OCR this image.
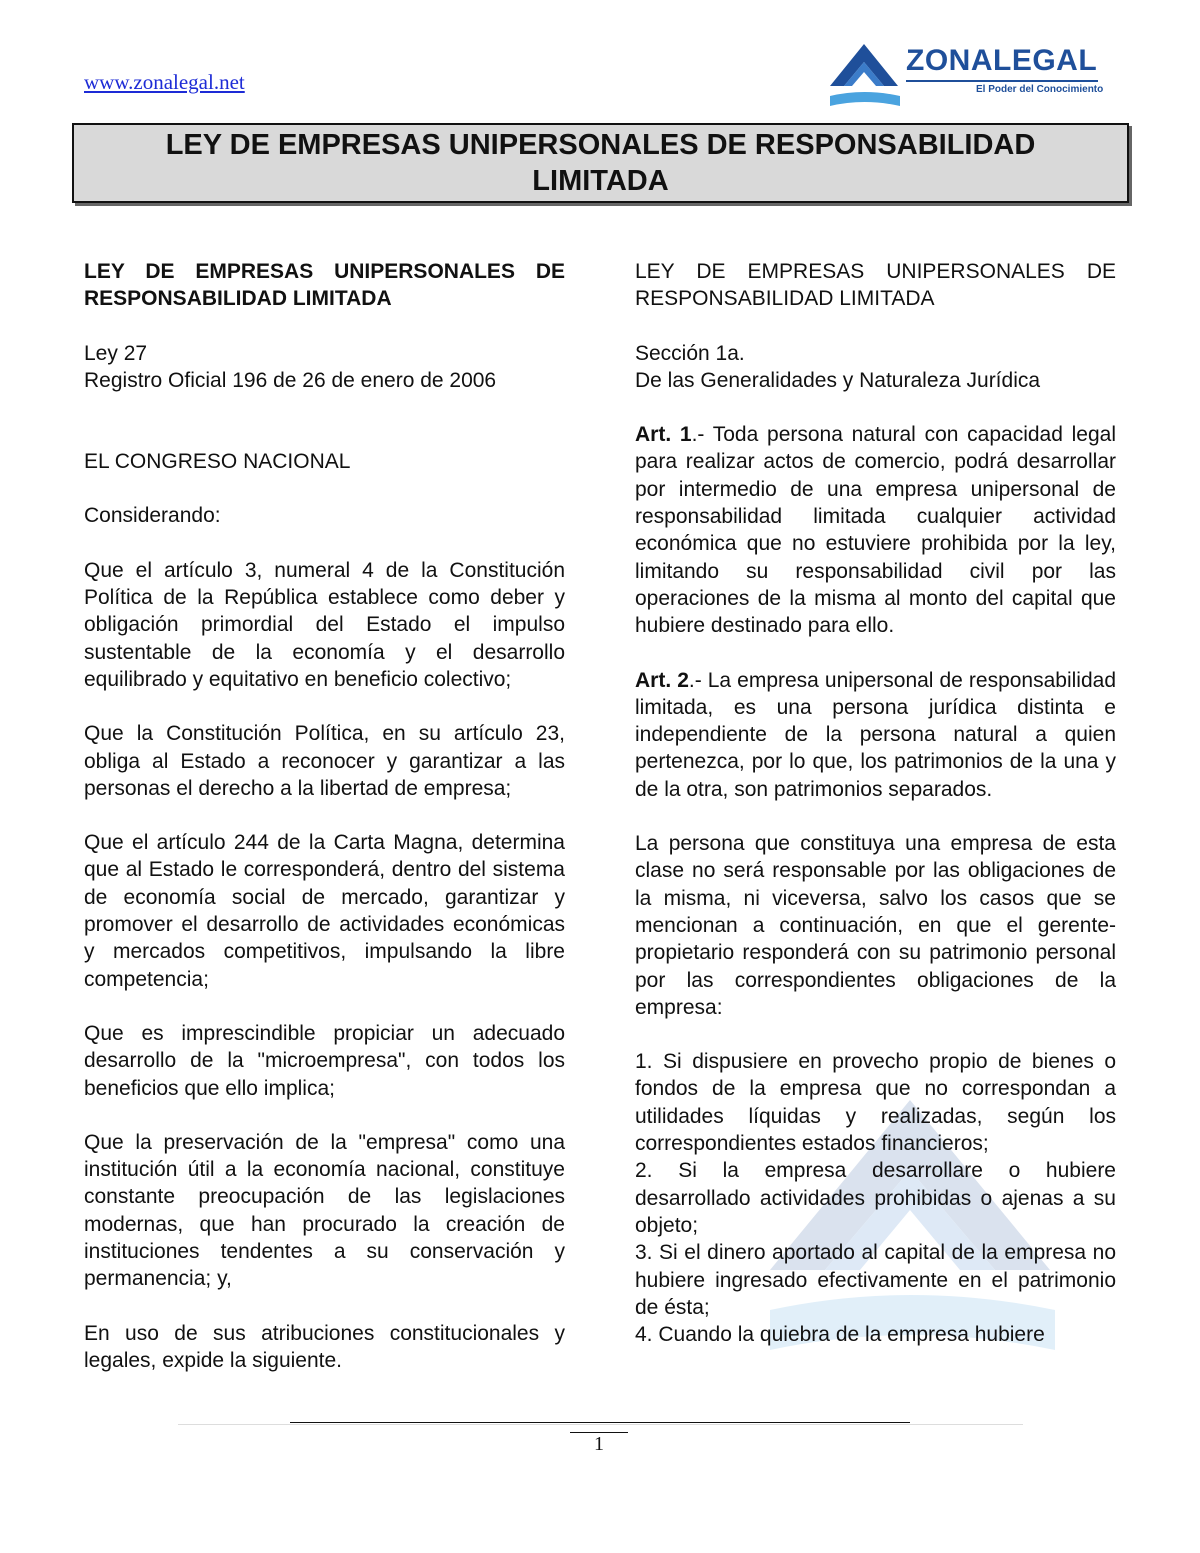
www.zonalegal.net
ZONALEGAL
El Poder del Conocimiento
LEY DE EMPRESAS UNIPERSONALES DE RESPONSABILIDAD LIMITADA

LEY DE EMPRESAS UNIPERSONALES DE RESPONSABILIDAD LIMITADA

Ley 27

Registro Oficial 196 de 26 de enero de 2006

EL CONGRESO NACIONAL

Considerando:

Que el artículo 3, numeral 4 de la Constitución Política de la República establece como deber y obligación primordial del Estado el impulso sustentable de la economía y el desarrollo equilibrado y equitativo en beneficio colectivo;

Que la Constitución Política, en su artículo 23, obliga al Estado a reconocer y garantizar a las personas el derecho a la libertad de empresa;

Que el artículo 244 de la Carta Magna, determina que al Estado le corresponderá, dentro del sistema de economía social de mercado, garantizar y promover el desarrollo de actividades económicas y mercados competitivos, impulsando la libre competencia;

Que es imprescindible propiciar un adecuado desarrollo de la "microempresa", con todos los beneficios que ello implica;

Que la preservación de la "empresa" como una institución útil a la economía nacional, constituye constante preocupación de las legislaciones modernas, que han procurado la creación de instituciones tendentes a su conservación y permanencia; y,

En uso de sus atribuciones constitucionales y legales, expide la siguiente.

LEY DE EMPRESAS UNIPERSONALES DE RESPONSABILIDAD LIMITADA

Sección 1a.

De las Generalidades y Naturaleza Jurídica

Art. 1.- Toda persona natural con capacidad legal para realizar actos de comercio, podrá desarrollar por intermedio de una empresa unipersonal de responsabilidad limitada cualquier actividad económica que no estuviere prohibida por la ley, limitando su responsabilidad civil por las operaciones de la misma al monto del capital que hubiere destinado para ello.

Art. 2.- La empresa unipersonal de responsabilidad limitada, es una persona jurídica distinta e independiente de la persona natural a quien pertenezca, por lo que, los patrimonios de la una y de la otra, son patrimonios separados.

La persona que constituya una empresa de esta clase no será responsable por las obligaciones de la misma, ni viceversa, salvo los casos que se mencionan a continuación, en que el gerente-propietario responderá con su patrimonio personal por las correspondientes obligaciones de la empresa:

1. Si dispusiere en provecho propio de bienes o fondos de la empresa que no correspondan a utilidades líquidas y realizadas, según los correspondientes estados financieros;

2. Si la empresa desarrollare o hubiere desarrollado actividades prohibidas o ajenas a su objeto;

3. Si el dinero aportado al capital de la empresa no hubiere ingresado efectivamente en el patrimonio de ésta;

4. Cuando la quiebra de la empresa hubiere

1
